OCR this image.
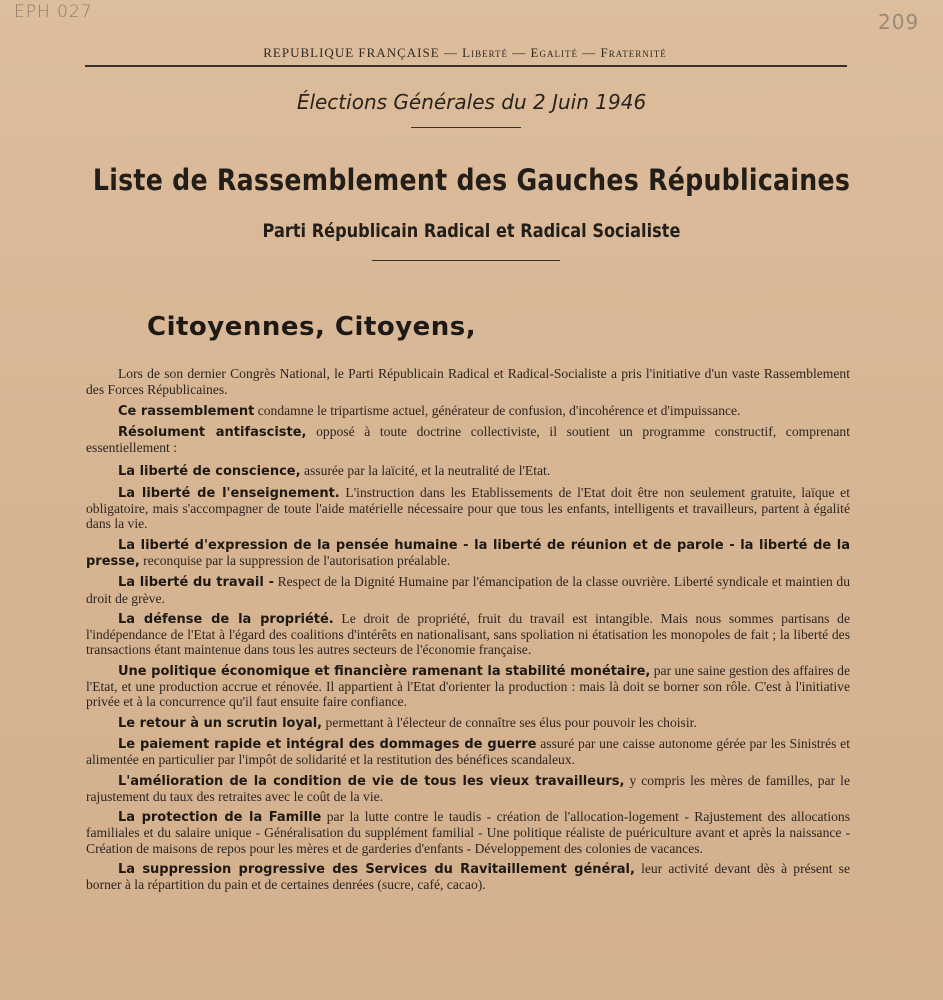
EPH 027	209
REPUBLIQUE FRANÇAISE — Liberté — Egalité — Fraternité
Élections Générales du 2 Juin 1946
Liste de Rassemblement des Gauches Républicaines
Parti Républicain Radical et Radical Socialiste
Citoyennes, Citoyens,

Lors de son dernier Congrès National, le Parti Républicain Radical et Radical-Socialiste a pris l'initiative d'un vaste Rassemblement des Forces Républicaines.

Ce rassemblement condamne le tripartisme actuel, générateur de confusion, d'incohérence et d'impuissance.

Résolument antifasciste, opposé à toute doctrine collectiviste, il soutient un programme constructif, comprenant essentiellement :

La liberté de conscience, assurée par la laïcité, et la neutralité de l'Etat.

La liberté de l'enseignement. L'instruction dans les Etablissements de l'Etat doit être non seulement gratuite, laïque et obligatoire, mais s'accompagner de toute l'aide matérielle nécessaire pour que tous les enfants, intelligents et travailleurs, partent à égalité dans la vie.

La liberté d'expression de la pensée humaine - la liberté de réunion et de parole - la liberté de la presse, reconquise par la suppression de l'autorisation préalable.

La liberté du travail - Respect de la Dignité Humaine par l'émancipation de la classe ouvrière. Liberté syndicale et maintien du droit de grève.

La défense de la propriété. Le droit de propriété, fruit du travail est intangible. Mais nous sommes partisans de l'indépendance de l'Etat à l'égard des coalitions d'intérêts en nationalisant, sans spoliation ni étatisation les monopoles de fait ; la liberté des transactions étant maintenue dans tous les autres secteurs de l'économie française.

Une politique économique et financière ramenant la stabilité monétaire, par une saine gestion des affaires de l'Etat, et une production accrue et rénovée. Il appartient à l'Etat d'orienter la production : mais là doit se borner son rôle. C'est à l'initiative privée et à la concurrence qu'il faut ensuite faire confiance.

Le retour à un scrutin loyal, permettant à l'électeur de connaître ses élus pour pouvoir les choisir.

Le paiement rapide et intégral des dommages de guerre assuré par une caisse autonome gérée par les Sinistrés et alimentée en particulier par l'impôt de solidarité et la restitution des bénéfices scandaleux.

L'amélioration de la condition de vie de tous les vieux travailleurs, y compris les mères de familles, par le rajustement du taux des retraites avec le coût de la vie.

La protection de la Famille par la lutte contre le taudis - création de l'allocation-logement - Rajustement des allocations familiales et du salaire unique - Généralisation du supplément familial - Une politique réaliste de puériculture avant et après la naissance - Création de maisons de repos pour les mères et de garderies d'enfants - Développement des colonies de vacances.

La suppression progressive des Services du Ravitaillement général, leur activité devant dès à présent se borner à la répartition du pain et de certaines denrées (sucre, café, cacao).
